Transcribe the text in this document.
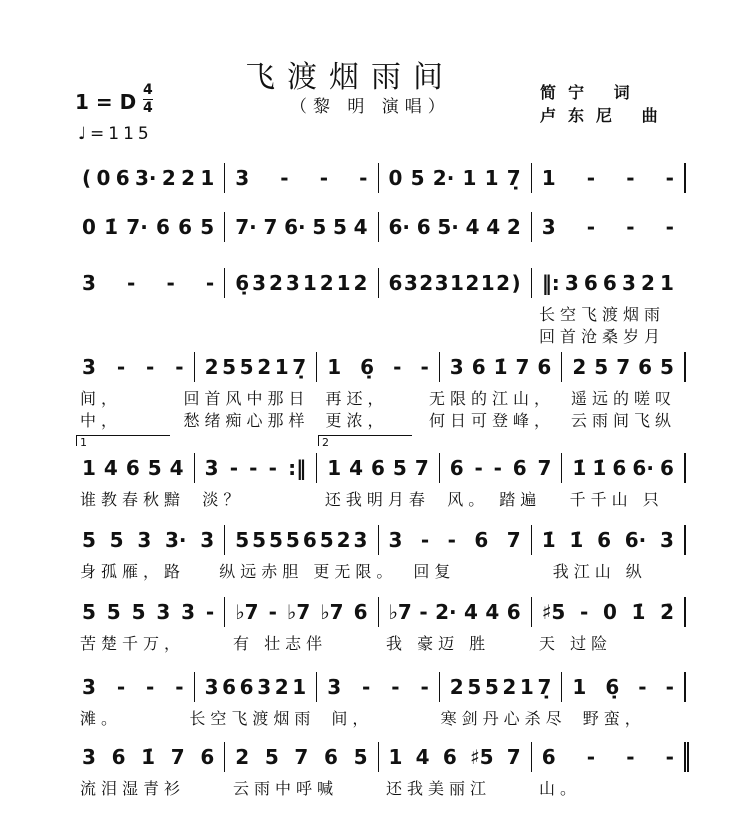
飞渡烟雨间
（黎 明 演唱）
简宁 词
卢东尼 曲
1 = D 4
4
♩=115
( 0 6 3· 2 2 1 3 - - - 0 5 2· 1 1 7̣ 1 - - -
0 1̇ 7· 6 6 5 7· 7 6· 5 5 4 6· 6 5· 4 4 2 3 - - -
3 - - - 6̣ 3 2 3 1 2 1 2 6 3 2 3 1 2 1 2 ) ‖: 3 6 6 3 2 1
长空飞渡烟雨
回首沧桑岁月
3 - - - 2 5 5 2 1 7̣ 1 6̣ - - 3 6 1̇ 7 6 2 5 7 6 5
间，	回首风中那日	再还，	无限的江山，	遥远的嗟叹
中，	愁绪痴心那样	更浓，	何日可登峰，	云雨间飞纵
1 4 6 5 4 3 - - - :‖ 1 4 6 5 7 6 - - 6 7 1̇ 1̇ 6 6· 6
1	2
谁教春秋黯	淡？	还我明月春	风。 踏遍	千千山 只
5 5 3 3· 3 5 5 5 5 6 5 2 3 3 - - 6 7 1̇ 1̇ 6 6· 3
身孤雁，路	纵远赤胆 更无限。	回复	我江山 纵
5 5 5 3 3 - ♭7 - ♭7 ♭7 6 ♭7 - 2· 4 4 6 ♯5 - 0 1̇ 2̇
苦楚千万，	有 壮志伴	我 豪迈 胜	天 过险
3 - - - 3 6 6 3 2 1 3 - - - 2 5 5 2 1 7̣ 1 6̣ - -
滩。	长空飞渡烟雨	间，	寒剑丹心杀尽	野蛮，
3 6 1̇ 7 6 2 5 7 6 5 1 4 6 ♯5 7 6 - - -
流泪湿青衫	云雨中呼喊	还我美丽江	山。
